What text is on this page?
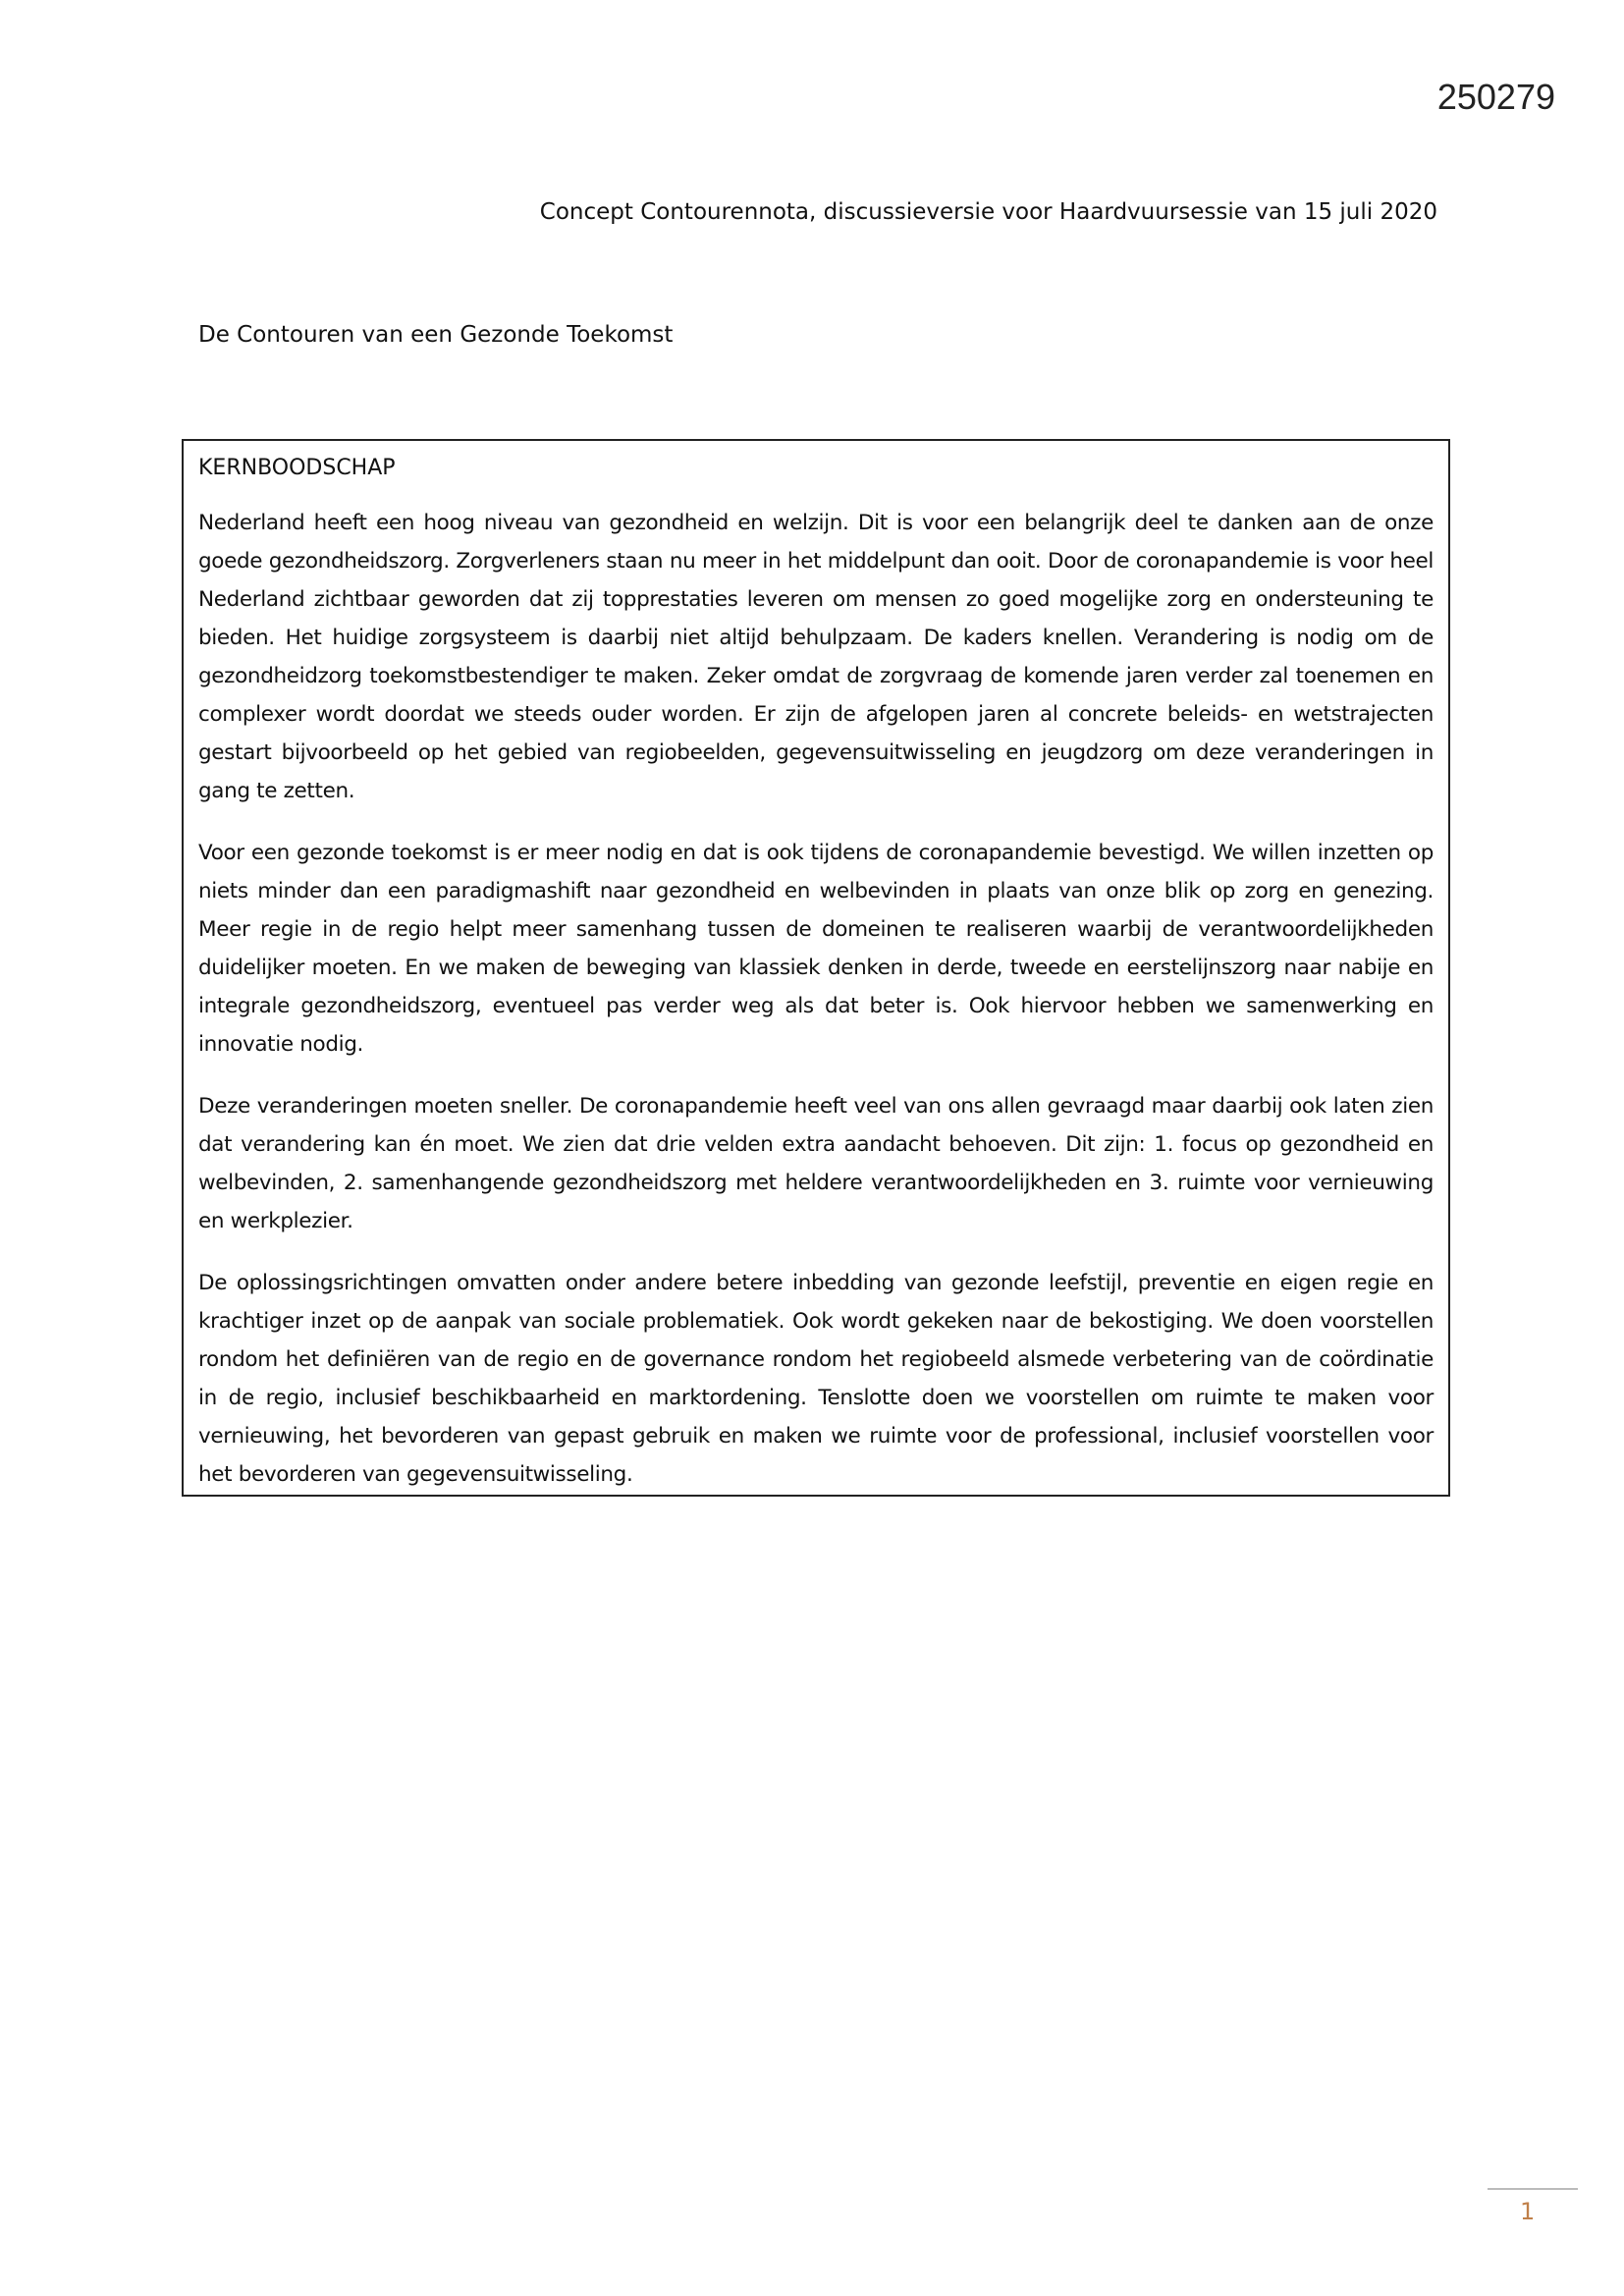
250279
Concept Contourennota, discussieversie voor Haardvuursessie van 15 juli 2020
De Contouren van een Gezonde Toekomst
KERNBOODSCHAP

Nederland heeft een hoog niveau van gezondheid en welzijn. Dit is voor een belangrijk deel te danken aan de onze goede gezondheidszorg. Zorgverleners staan nu meer in het middelpunt dan ooit. Door de coronapandemie is voor heel Nederland zichtbaar geworden dat zij topprestaties leveren om mensen zo goed mogelijke zorg en ondersteuning te bieden. Het huidige zorgsysteem is daarbij niet altijd behulpzaam. De kaders knellen. Verandering is nodig om de gezondheidzorg toekomstbestendiger te maken. Zeker omdat de zorgvraag de komende jaren verder zal toenemen en complexer wordt doordat we steeds ouder worden. Er zijn de afgelopen jaren al concrete beleids- en wetstrajecten gestart bijvoorbeeld op het gebied van regiobeelden, gegevensuitwisseling en jeugdzorg om deze veranderingen in gang te zetten.

Voor een gezonde toekomst is er meer nodig en dat is ook tijdens de coronapandemie bevestigd. We willen inzetten op niets minder dan een paradigmashift naar gezondheid en welbevinden in plaats van onze blik op zorg en genezing. Meer regie in de regio helpt meer samenhang tussen de domeinen te realiseren waarbij de verantwoordelijkheden duidelijker moeten. En we maken de beweging van klassiek denken in derde, tweede en eerstelijnszorg naar nabije en integrale gezondheidszorg, eventueel pas verder weg als dat beter is. Ook hiervoor hebben we samenwerking en innovatie nodig.

Deze veranderingen moeten sneller. De coronapandemie heeft veel van ons allen gevraagd maar daarbij ook laten zien dat verandering kan én moet. We zien dat drie velden extra aandacht behoeven. Dit zijn: 1. focus op gezondheid en welbevinden, 2. samenhangende gezondheidszorg met heldere verantwoordelijkheden en 3. ruimte voor vernieuwing en werkplezier.

De oplossingsrichtingen omvatten onder andere betere inbedding van gezonde leefstijl, preventie en eigen regie en krachtiger inzet op de aanpak van sociale problematiek. Ook wordt gekeken naar de bekostiging. We doen voorstellen rondom het definiëren van de regio en de governance rondom het regiobeeld alsmede verbetering van de coördinatie in de regio, inclusief beschikbaarheid en marktordening. Tenslotte doen we voorstellen om ruimte te maken voor vernieuwing, het bevorderen van gepast gebruik en maken we ruimte voor de professional, inclusief voorstellen voor het bevorderen van gegevensuitwisseling.

1
